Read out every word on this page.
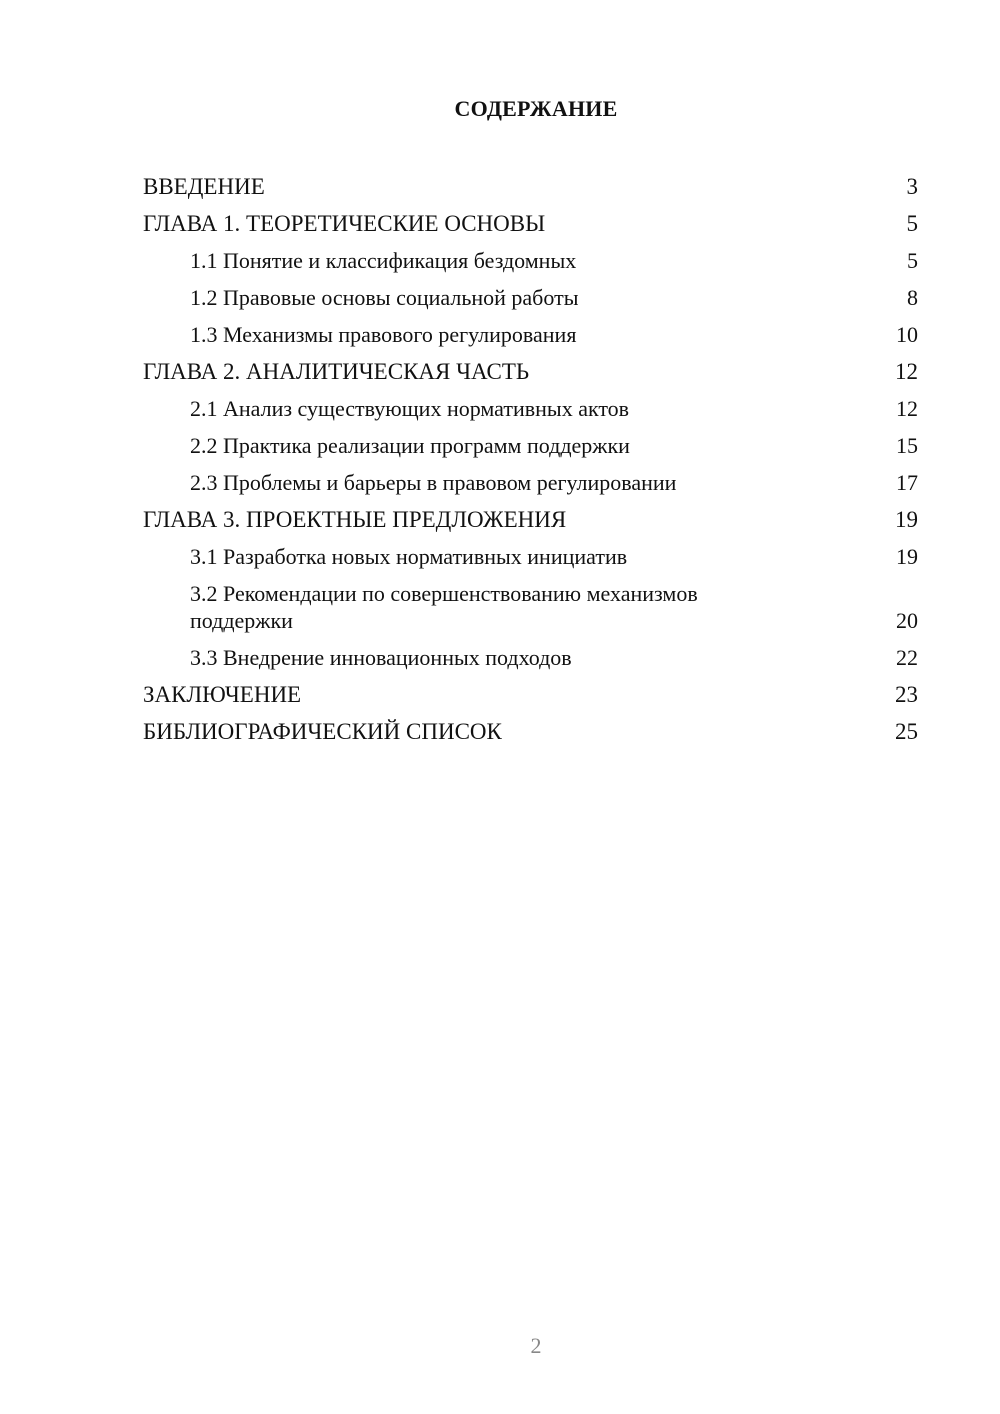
СОДЕРЖАНИЕ
ВВЕДЕНИЕ	3
ГЛАВА 1. ТЕОРЕТИЧЕСКИЕ ОСНОВЫ	5
1.1 Понятие и классификация бездомных	5
1.2 Правовые основы социальной работы	8
1.3 Механизмы правового регулирования	10
ГЛАВА 2. АНАЛИТИЧЕСКАЯ ЧАСТЬ	12
2.1 Анализ существующих нормативных актов	12
2.2 Практика реализации программ поддержки	15
2.3 Проблемы и барьеры в правовом регулировании	17
ГЛАВА 3. ПРОЕКТНЫЕ ПРЕДЛОЖЕНИЯ	19
3.1 Разработка новых нормативных инициатив	19
3.2 Рекомендации по совершенствованию механизмов поддержки	20
3.3 Внедрение инновационных подходов	22
ЗАКЛЮЧЕНИЕ	23
БИБЛИОГРАФИЧЕСКИЙ СПИСОК	25
2
